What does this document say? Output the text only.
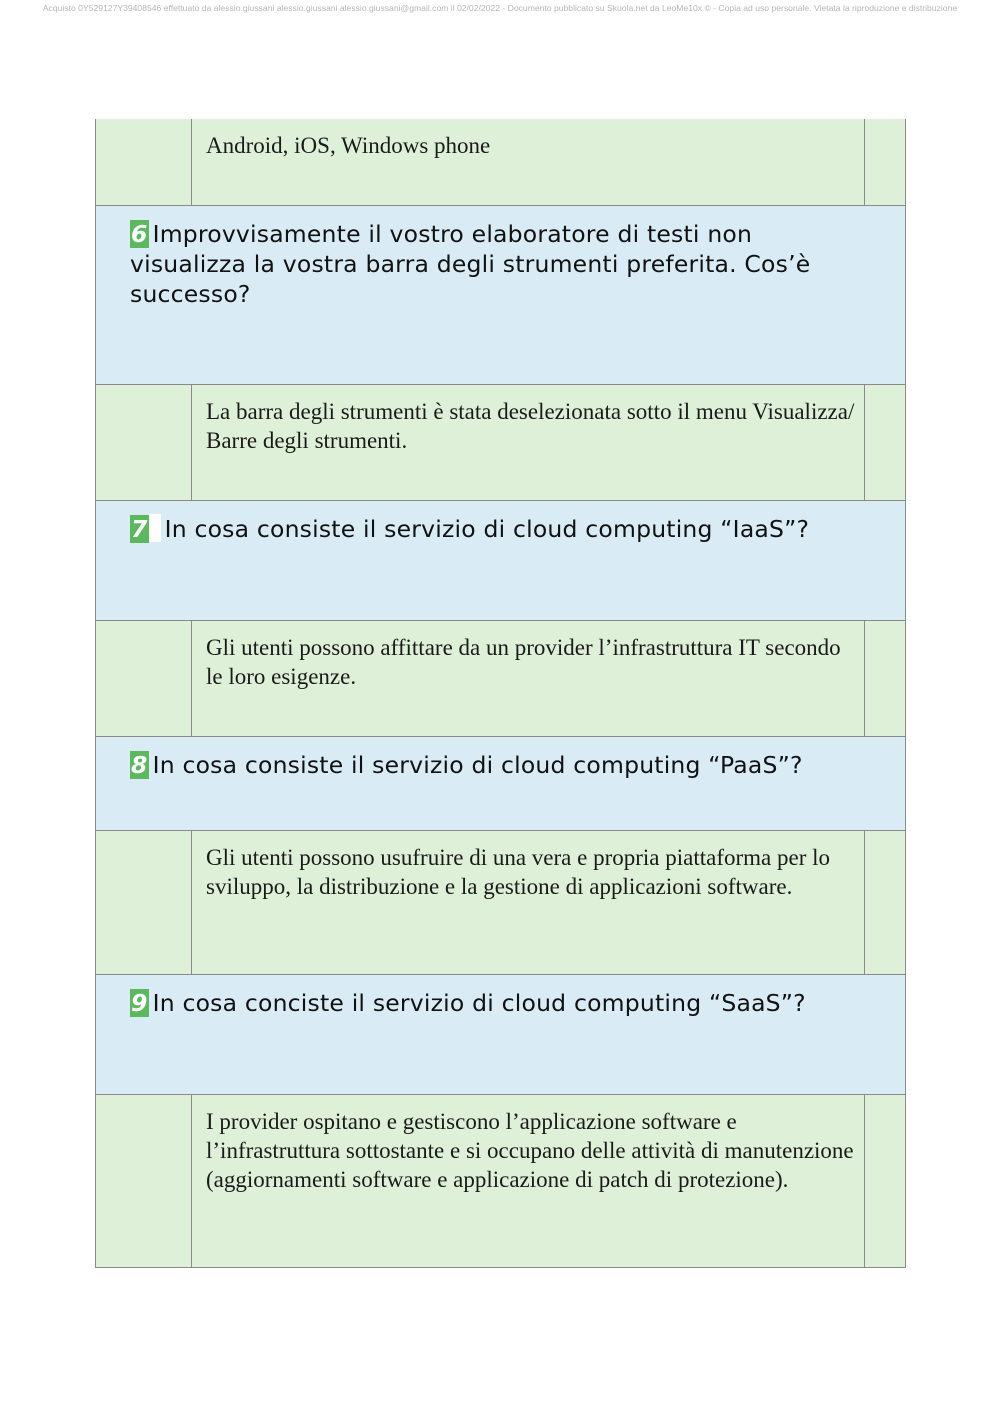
Acquisto 0Y529127Y39408546 effettuato da alessio.giussani alessio.giussani alessio.giussani@gmail.com il 02/02/2022 - Documento pubblicato su Skuola.net da LeoMe10x © - Copia ad uso personale. Vietata la riproduzione e distribuzione
Android, iOS, Windows phone
6 Improvvisamente il vostro elaboratore di testi non visualizza la vostra barra degli strumenti preferita. Cos’è successo?
La barra degli strumenti è stata deselezionata sotto il menu Visualizza/ Barre degli strumenti.
7 In cosa consiste il servizio di cloud computing “IaaS”?
Gli utenti possono affittare da un provider l’infrastruttura IT secondo le loro esigenze.
8 In cosa consiste il servizio di cloud computing “PaaS”?
Gli utenti possono usufruire di una vera e propria piattaforma per lo sviluppo, la distribuzione e la gestione di applicazioni software.
9 In cosa conciste il servizio di cloud computing “SaaS”?
I provider ospitano e gestiscono l’applicazione software e l’infrastruttura sottostante e si occupano delle attività di manutenzione (aggiornamenti software e applicazione di patch di protezione).
